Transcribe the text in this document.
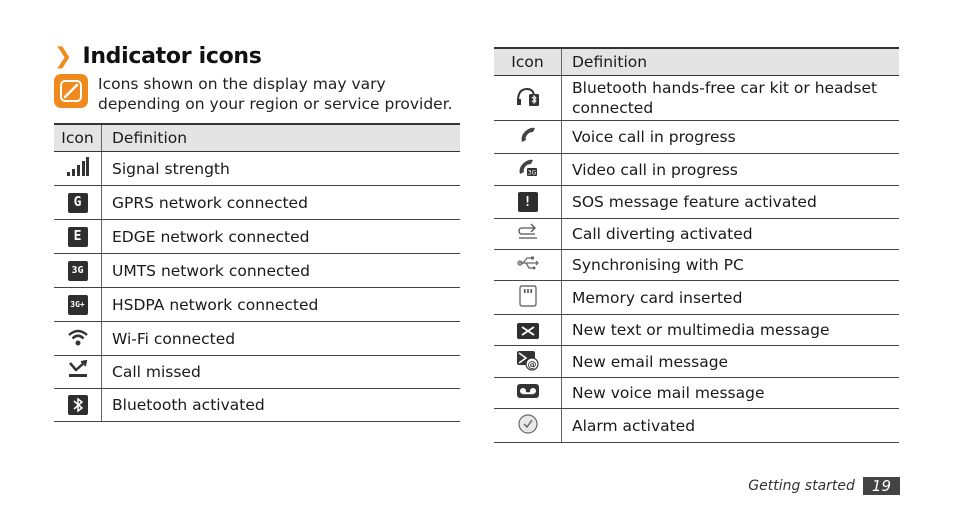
❯ Indicator icons
Icons shown on the display may vary depending on your region or service provider.
Icon	Definition
	Signal strength
G	GPRS network connected
E	EDGE network connected
3G	UMTS network connected
3G+	HSDPA network connected
	Wi-Fi connected
	Call missed

	Bluetooth activated
Icon	Definition
	Bluetooth hands-free car kit or headset connected
	Voice call in progress

3G	Video call in progress
!	SOS message feature activated
	Call diverting activated
	Synchronising with PC
	Memory card inserted

	New text or multimedia message

@	New email message
	New voice mail message
	Alarm activated
Getting started	19
